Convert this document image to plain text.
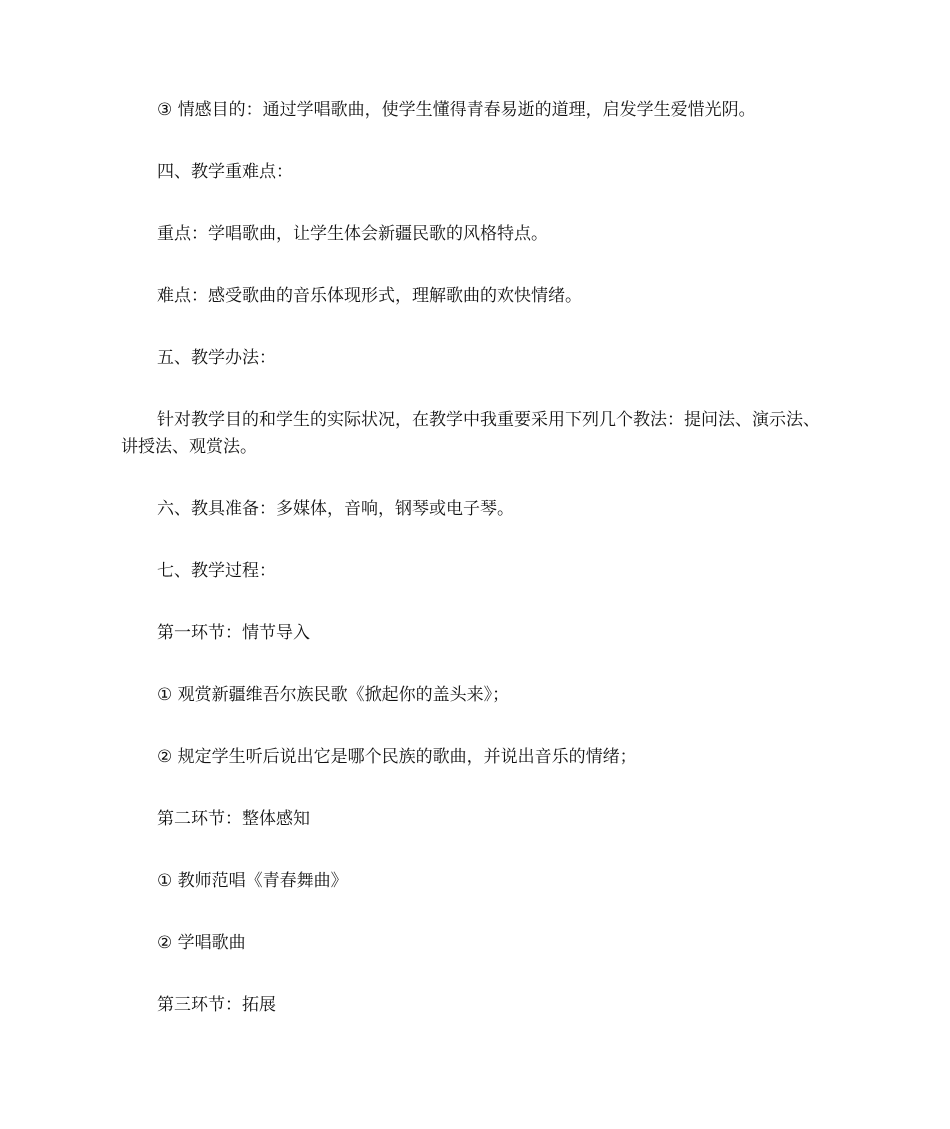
③ 情感目的：通过学唱歌曲，使学生懂得青春易逝的道理，启发学生爱惜光阴。

四、教学重难点：

重点：学唱歌曲，让学生体会新疆民歌的风格特点。

难点：感受歌曲的音乐体现形式，理解歌曲的欢快情绪。

五、教学办法：

针对教学目的和学生的实际状况，在教学中我重要采用下列几个教法：提问法、演示法、讲授法、观赏法。

六、教具准备：多媒体，音响，钢琴或电子琴。

七、教学过程：

第一环节：情节导入

① 观赏新疆维吾尔族民歌《掀起你的盖头来》；

② 规定学生听后说出它是哪个民族的歌曲，并说出音乐的情绪；

第二环节：整体感知

① 教师范唱《青春舞曲》

② 学唱歌曲

第三环节：拓展
